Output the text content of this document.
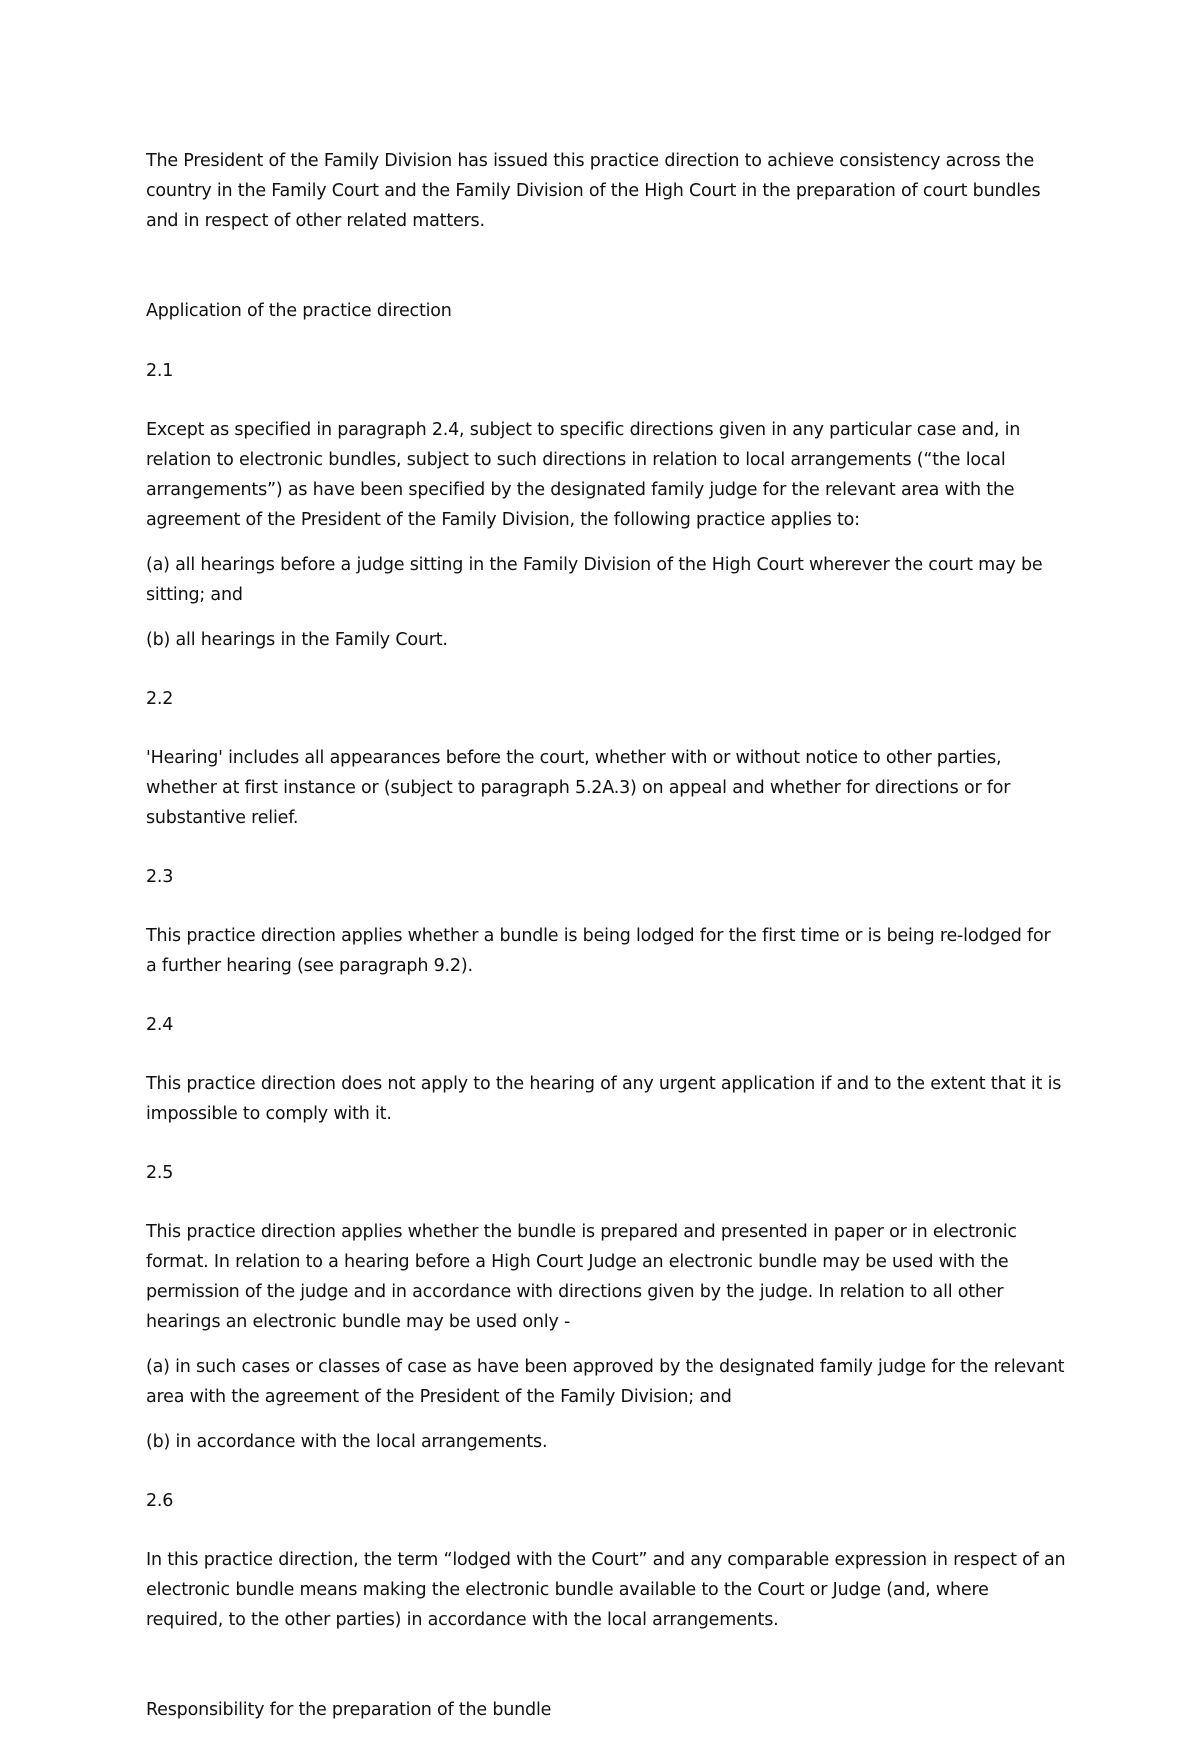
The President of the Family Division has issued this practice direction to achieve consistency across the country in the Family Court and the Family Division of the High Court in the preparation of court bundles and in respect of other related matters.

Application of the practice direction

2.1

Except as specified in paragraph 2.4, subject to specific directions given in any particular case and, in relation to electronic bundles, subject to such directions in relation to local arrangements (“the local arrangements”) as have been specified by the designated family judge for the relevant area with the agreement of the President of the Family Division, the following practice applies to:

(a) all hearings before a judge sitting in the Family Division of the High Court wherever the court may be sitting; and

(b) all hearings in the Family Court.

2.2

'Hearing' includes all appearances before the court, whether with or without notice to other parties, whether at first instance or (subject to paragraph 5.2A.3) on appeal and whether for directions or for substantive relief.

2.3

This practice direction applies whether a bundle is being lodged for the first time or is being re-lodged for a further hearing (see paragraph 9.2).

2.4

This practice direction does not apply to the hearing of any urgent application if and to the extent that it is impossible to comply with it.

2.5

This practice direction applies whether the bundle is prepared and presented in paper or in electronic format. In relation to a hearing before a High Court Judge an electronic bundle may be used with the permission of the judge and in accordance with directions given by the judge. In relation to all other hearings an electronic bundle may be used only -

(a) in such cases or classes of case as have been approved by the designated family judge for the relevant area with the agreement of the President of the Family Division; and

(b) in accordance with the local arrangements.

2.6

In this practice direction, the term “lodged with the Court” and any comparable expression in respect of an electronic bundle means making the electronic bundle available to the Court or Judge (and, where required, to the other parties) in accordance with the local arrangements.

Responsibility for the preparation of the bundle
